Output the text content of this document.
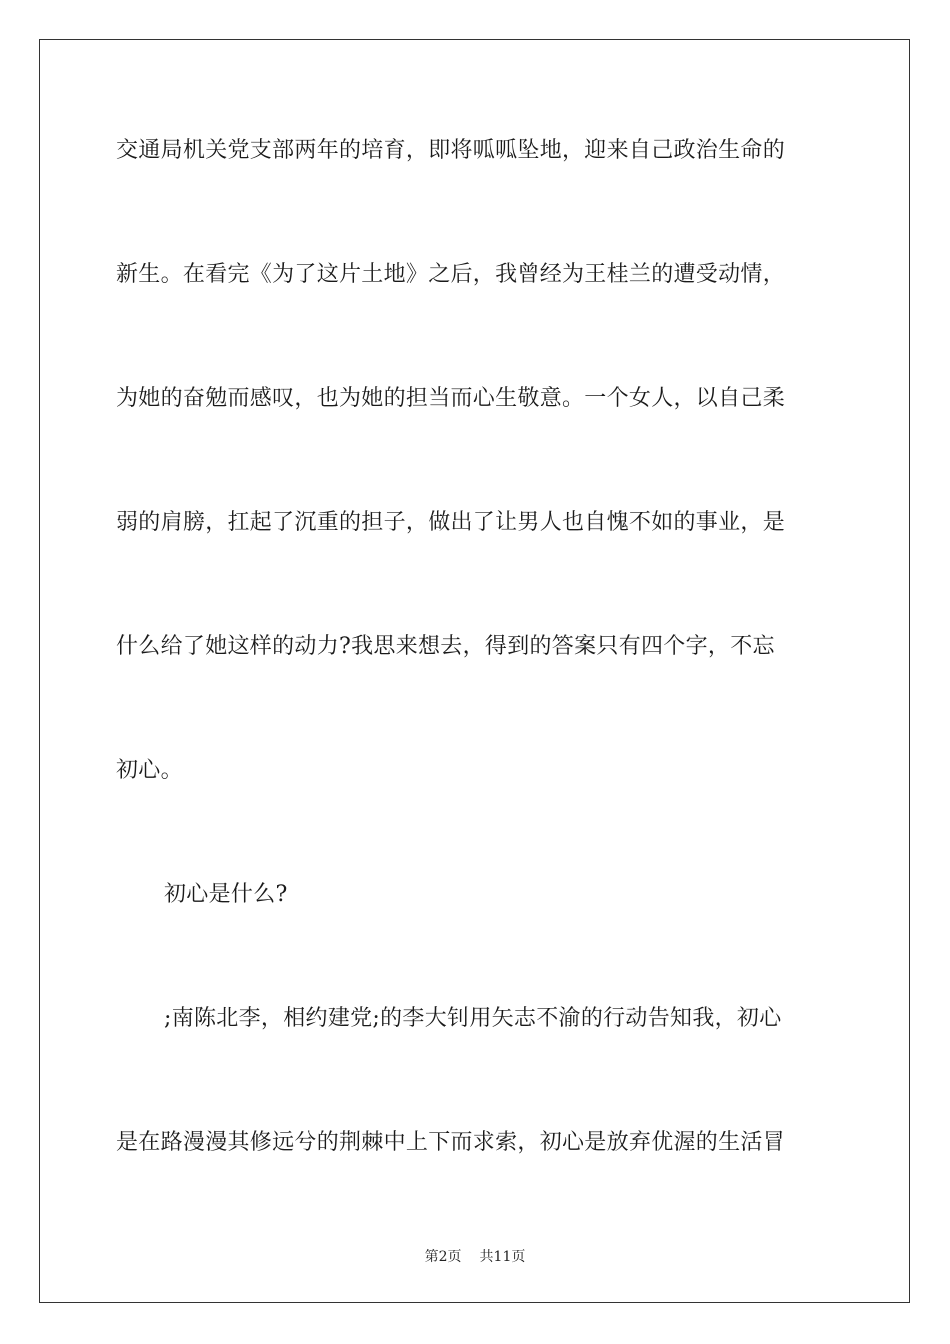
交通局机关党支部两年的培育，即将呱呱坠地，迎来自己政治生命的
新生。在看完《为了这片土地》之后，我曾经为王桂兰的遭受动情，
为她的奋勉而感叹，也为她的担当而心生敬意。一个女人，以自己柔
弱的肩膀，扛起了沉重的担子，做出了让男人也自愧不如的事业，是
什么给了她这样的动力?我思来想去，得到的答案只有四个字，不忘
初心。
初心是什么?
;南陈北李，相约建党;的李大钊用矢志不渝的行动告知我，初心
是在路漫漫其修远兮的荆棘中上下而求索，初心是放弃优渥的生活冒
第2页 共11页
